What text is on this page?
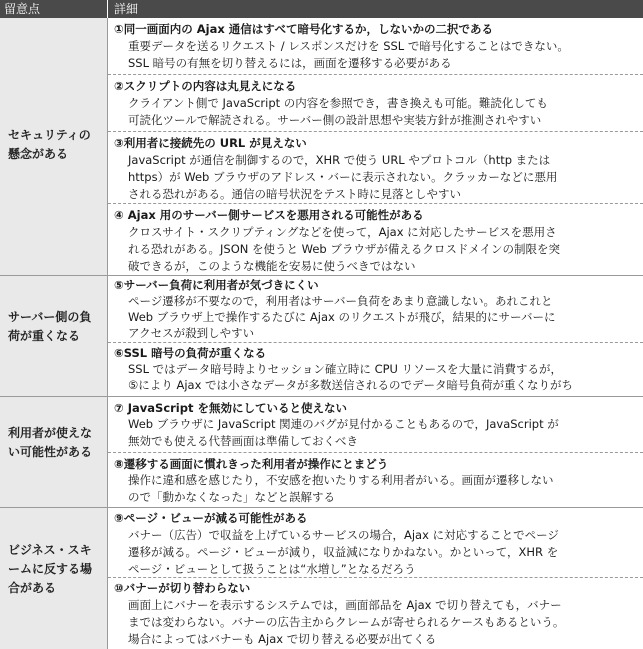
留意点	詳細
セキュリティの懸念がある
サーバー側の負荷が重くなる
利用者が使えない可能性がある
ビジネス・スキームに反する場合がある
①同一画面内の Ajax 通信はすべて暗号化するか，しないかの二択である
重要データを送るリクエスト / レスポンスだけを SSL で暗号化することはできない。
SSL 暗号の有無を切り替えるには，画面を遷移する必要がある
②スクリプトの内容は丸見えになる
クライアント側で JavaScript の内容を参照でき，書き換えも可能。難読化しても
可読化ツールで解読される。サーバー側の設計思想や実装方針が推測されやすい
③利用者に接続先の URL が見えない
JavaScript が通信を制御するので，XHR で使う URL やプロトコル（http または
https）が Web ブラウザのアドレス・バーに表示されない。クラッカーなどに悪用
される恐れがある。通信の暗号状況をテスト時に見落としやすい
④ Ajax 用のサーバー側サービスを悪用される可能性がある
クロスサイト・スクリプティングなどを使って，Ajax に対応したサービスを悪用さ
れる恐れがある。JSON を使うと Web ブラウザが備えるクロスドメインの制限を突
破できるが，このような機能を安易に使うべきではない
⑤サーバー負荷に利用者が気づきにくい
ページ遷移が不要なので，利用者はサーバー負荷をあまり意識しない。あれこれと
Web ブラウザ上で操作するたびに Ajax のリクエストが飛び，結果的にサーバーに
アクセスが殺到しやすい
⑥SSL 暗号の負荷が重くなる
SSL ではデータ暗号時よりセッション確立時に CPU リソースを大量に消費するが，
⑤により Ajax では小さなデータが多数送信されるのでデータ暗号負荷が重くなりがち
⑦ JavaScript を無効にしていると使えない
Web ブラウザに JavaScript 関連のバグが見付かることもあるので，JavaScript が
無効でも使える代替画面は準備しておくべき
⑧遷移する画面に慣れきった利用者が操作にとまどう
操作に違和感を感じたり，不安感を抱いたりする利用者がいる。画面が遷移しない
ので「動かなくなった」などと誤解する
⑨ページ・ビューが減る可能性がある
バナー（広告）で収益を上げているサービスの場合，Ajax に対応することでページ
遷移が減る。ページ・ビューが減り，収益減になりかねない。かといって，XHR を
ページ・ビューとして扱うことは“水増し”となるだろう
⑩バナーが切り替わらない
画面上にバナーを表示するシステムでは，画面部品を Ajax で切り替えても，バナー
までは変わらない。バナーの広告主からクレームが寄せられるケースもあるという。
場合によってはバナーも Ajax で切り替える必要が出てくる
